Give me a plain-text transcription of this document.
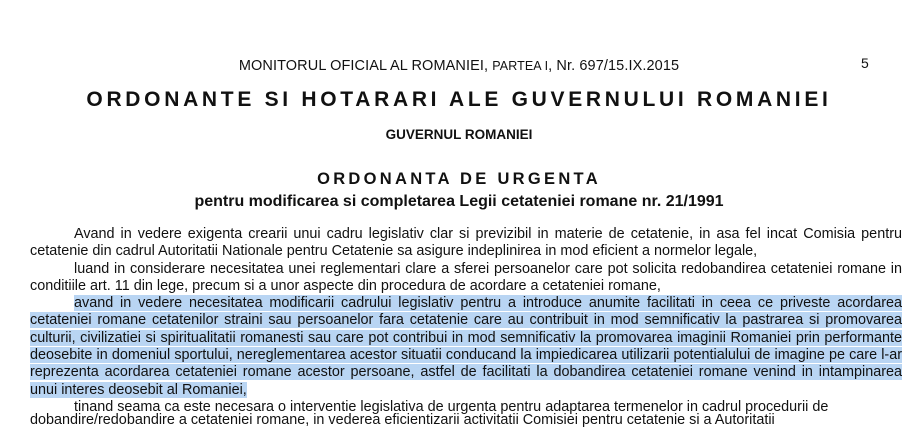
MONITORUL OFICIAL AL ROMANIEI, PARTEA I, Nr. 697/15.IX.2015	5
ORDONANTE SI HOTARARI ALE GUVERNULUI ROMANIEI
GUVERNUL ROMANIEI
ORDONANTA DE URGENTA
pentru modificarea si completarea Legii cetateniei romane nr. 21/1991

Avand in vedere exigenta crearii unui cadru legislativ clar si previzibil in materie de cetatenie, in asa fel incat Comisia pentru cetatenie din cadrul Autoritatii Nationale pentru Cetatenie sa asigure indeplinirea in mod eficient a normelor legale,

luand in considerare necesitatea unei reglementari clare a sferei persoanelor care pot solicita redobandirea cetateniei romane in conditiile art. 11 din lege, precum si a unor aspecte din procedura de acordare a cetateniei romane,

avand in vedere necesitatea modificarii cadrului legislativ pentru a introduce anumite facilitati in ceea ce priveste acordarea cetateniei romane cetatenilor straini sau persoanelor fara cetatenie care au contribuit in mod semnificativ la pastrarea si promovarea culturii, civilizatiei si spiritualitatii romanesti sau care pot contribui in mod semnificativ la promovarea imaginii Romaniei prin performante deosebite in domeniul sportului, nereglementarea acestor situatii conducand la impiedicarea utilizarii potentialului de imagine pe care l-ar reprezenta acordarea cetateniei romane acestor persoane, astfel de facilitati la dobandirea cetateniei romane venind in intampinarea unui interes deosebit al Romaniei,

tinand seama ca este necesara o interventie legislativa de urgenta pentru adaptarea termenelor in cadrul procedurii de

dobandire/redobandire a cetateniei romane, in vederea eficientizarii activitatii Comisiei pentru cetatenie si a Autoritatii
